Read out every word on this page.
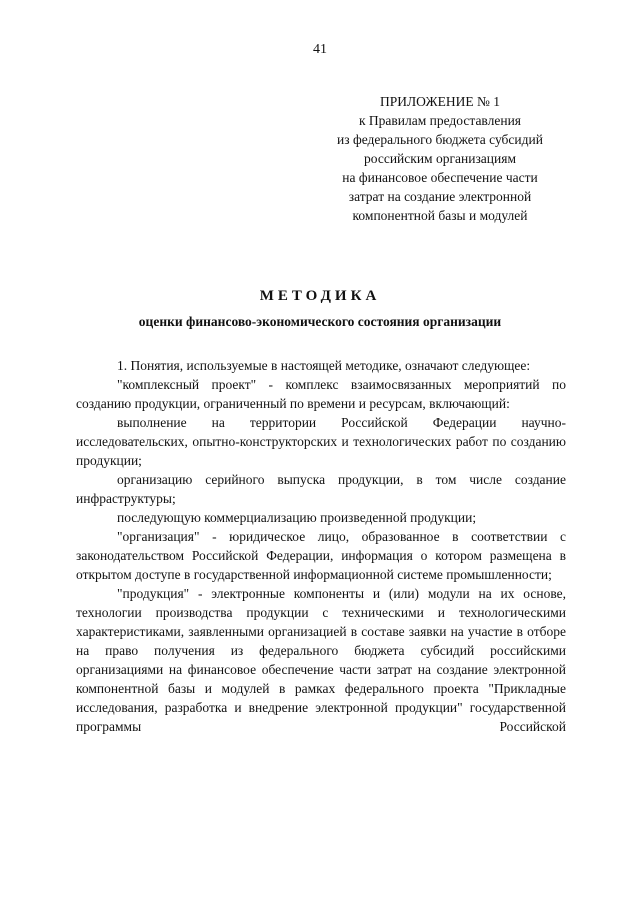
41
ПРИЛОЖЕНИЕ № 1
к Правилам предоставления
из федерального бюджета субсидий
российским организациям
на финансовое обеспечение части
затрат на создание электронной
компонентной базы и модулей
МЕТОДИКА
оценки финансово-экономического состояния организации

1. Понятия, используемые в настоящей методике, означают следующее:

"комплексный проект" - комплекс взаимосвязанных мероприятий по созданию продукции, ограниченный по времени и ресурсам, включающий:

выполнение на территории Российской Федерации научно-исследовательских, опытно-конструкторских и технологических работ по созданию продукции;

организацию серийного выпуска продукции, в том числе создание инфраструктуры;

последующую коммерциализацию произведенной продукции;

"организация" - юридическое лицо, образованное в соответствии с законодательством Российской Федерации, информация о котором размещена в открытом доступе в государственной информационной системе промышленности;

"продукция" - электронные компоненты и (или) модули на их основе, технологии производства продукции с техническими и технологическими характеристиками, заявленными организацией в составе заявки на участие в отборе на право получения из федерального бюджета субсидий российскими организациями на финансовое обеспечение части затрат на создание электронной компонентной базы и модулей в рамках федерального проекта "Прикладные исследования, разработка и внедрение электронной продукции" государственной программы Российской
